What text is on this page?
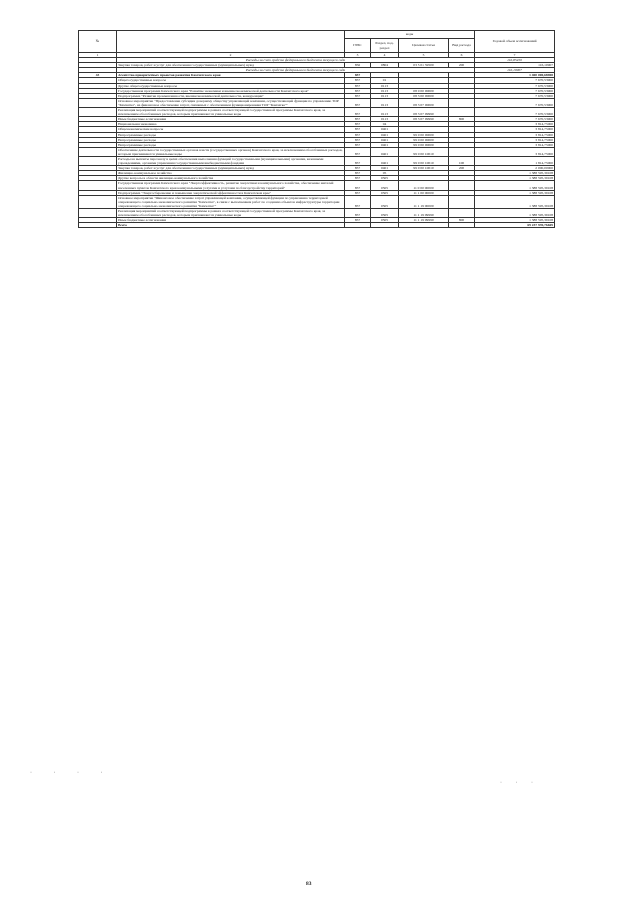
№		коды				Годовой объем ассигнований
		ГРБС	Раздел, под-раздел	Целевая статья	Вид расхода	
1	2	3	4	5	6	7
	Расходы за счет средств федерального бюджета текущего года					116,85450
	Закупка товаров, работ и услуг для обеспечения государственных (муниципальных) нужд	856	0804	03 5 01 59500	200	116,10907
	Расходы за счет средств федерального бюджета текущего года					116,10907
43	Агентство приоритетных проектов развития Камчатского края	857				1 400 000,68908
	Общегосударственные вопросы	857	01			7 670,53900
	Другие общегосударственные вопросы	857	0113			7 670,53900
	Государственная программа Камчатского края "Развитие экономики и внешнеэкономической деятельности Камчатского края"	857	0113	08 0 00 00000		7 670,53900
	Подпрограмма "Развитие промышленности, внешнеэкономической деятельности, конкуренции"	857	0113	08 3 00 00000		7 670,53900
	Основное мероприятие "Предоставление субсидии дочернему обществу управляющей компании, осуществляющей функции по управлению ТОР "Камчатка", на финансовое обеспечение затрат, связанных с обеспечением функционирования ТОР "Камчатка""	857	0113	08 3 07 00000		7 670,53900
	Реализация мероприятий соответствующей подпрограммы в рамках соответствующей государственной программы Камчатского края, за исключением обособленных расходов, которым присваиваются уникальные коды	857	0113	08 3 07 09990		7 670,53900
	Иные бюджетные ассигнования	857	0113	08 3 07 09990	800	7 670,53900
	Национальная экономика	857	04			3 814,75000
	Общеэкономические вопросы	857	0401			3 814,75000
	Непрограммные расходы	857	0401	99 0 00 00000		3 814,75000
	Непрограммные расходы	857	0401	99 0 00 00000		3 814,75000
	Непрограммные расходы	857	0401	99 0 00 00000		3 814,75000
	Обеспечение деятельности государственных органов власти (государственных органов) Камчатского края, за исключением обособленных расходов, которым присваиваются уникальные коды	857	0401	99 0 00 10010		3 814,75000
	Расходы на выплаты персоналу в целях обеспечения выполнения функций государственными (муниципальными) органами, казенными учреждениями, органами управления государственными внебюджетными фондами	857	0401	99 0 00 10010	100	1 814,75000
	Закупка товаров, работ и услуг для обеспечения государственных (муниципальных) нужд	857	0401	99 0 00 10010	200	2 000,00000
	Жилищно-коммунальное хозяйство	857	05			1 388 595,39108
	Другие вопросы в области жилищно-коммунального хозяйства	857	0505			1 388 595,39108
	Государственная программа Камчатского края "Энергоэффективность, развитие энергетики и коммунального хозяйства, обеспечение жителей населенных пунктов Камчатского края коммунальными услугами и услугами по благоустройству территорий"	857	0505	11 0 00 00000		1 388 595,39108
	Подпрограмма "Энергосбережение и повышение энергетической эффективности в Камчатском крае"	857	0505	11 1 00 00000		1 388 595,39108
	Основное мероприятие "Финансовое обеспечение затрат управляющей компании, осуществляющей функции по управлению территорией опережающего социально-экономического развития "Камчатка", в связи с выполнением работ по созданию объектов инфраструктуры территории опережающего социально-экономического развития "Камчатка""	857	0505	11 1 19 00000		1 388 595,39108
	Реализация мероприятий соответствующей подпрограммы в рамках соответствующей государственной программы Камчатского края, за исключением обособленных расходов, которым присваиваются уникальные коды	857	0505	11 1 19 09990		1 388 595,39108
	Иные бюджетные ассигнования	857	0505	11 1 19 09990	800	1 388 595,39108
	Всего					69 237 939,76669
· · · ·
· · ·
83
